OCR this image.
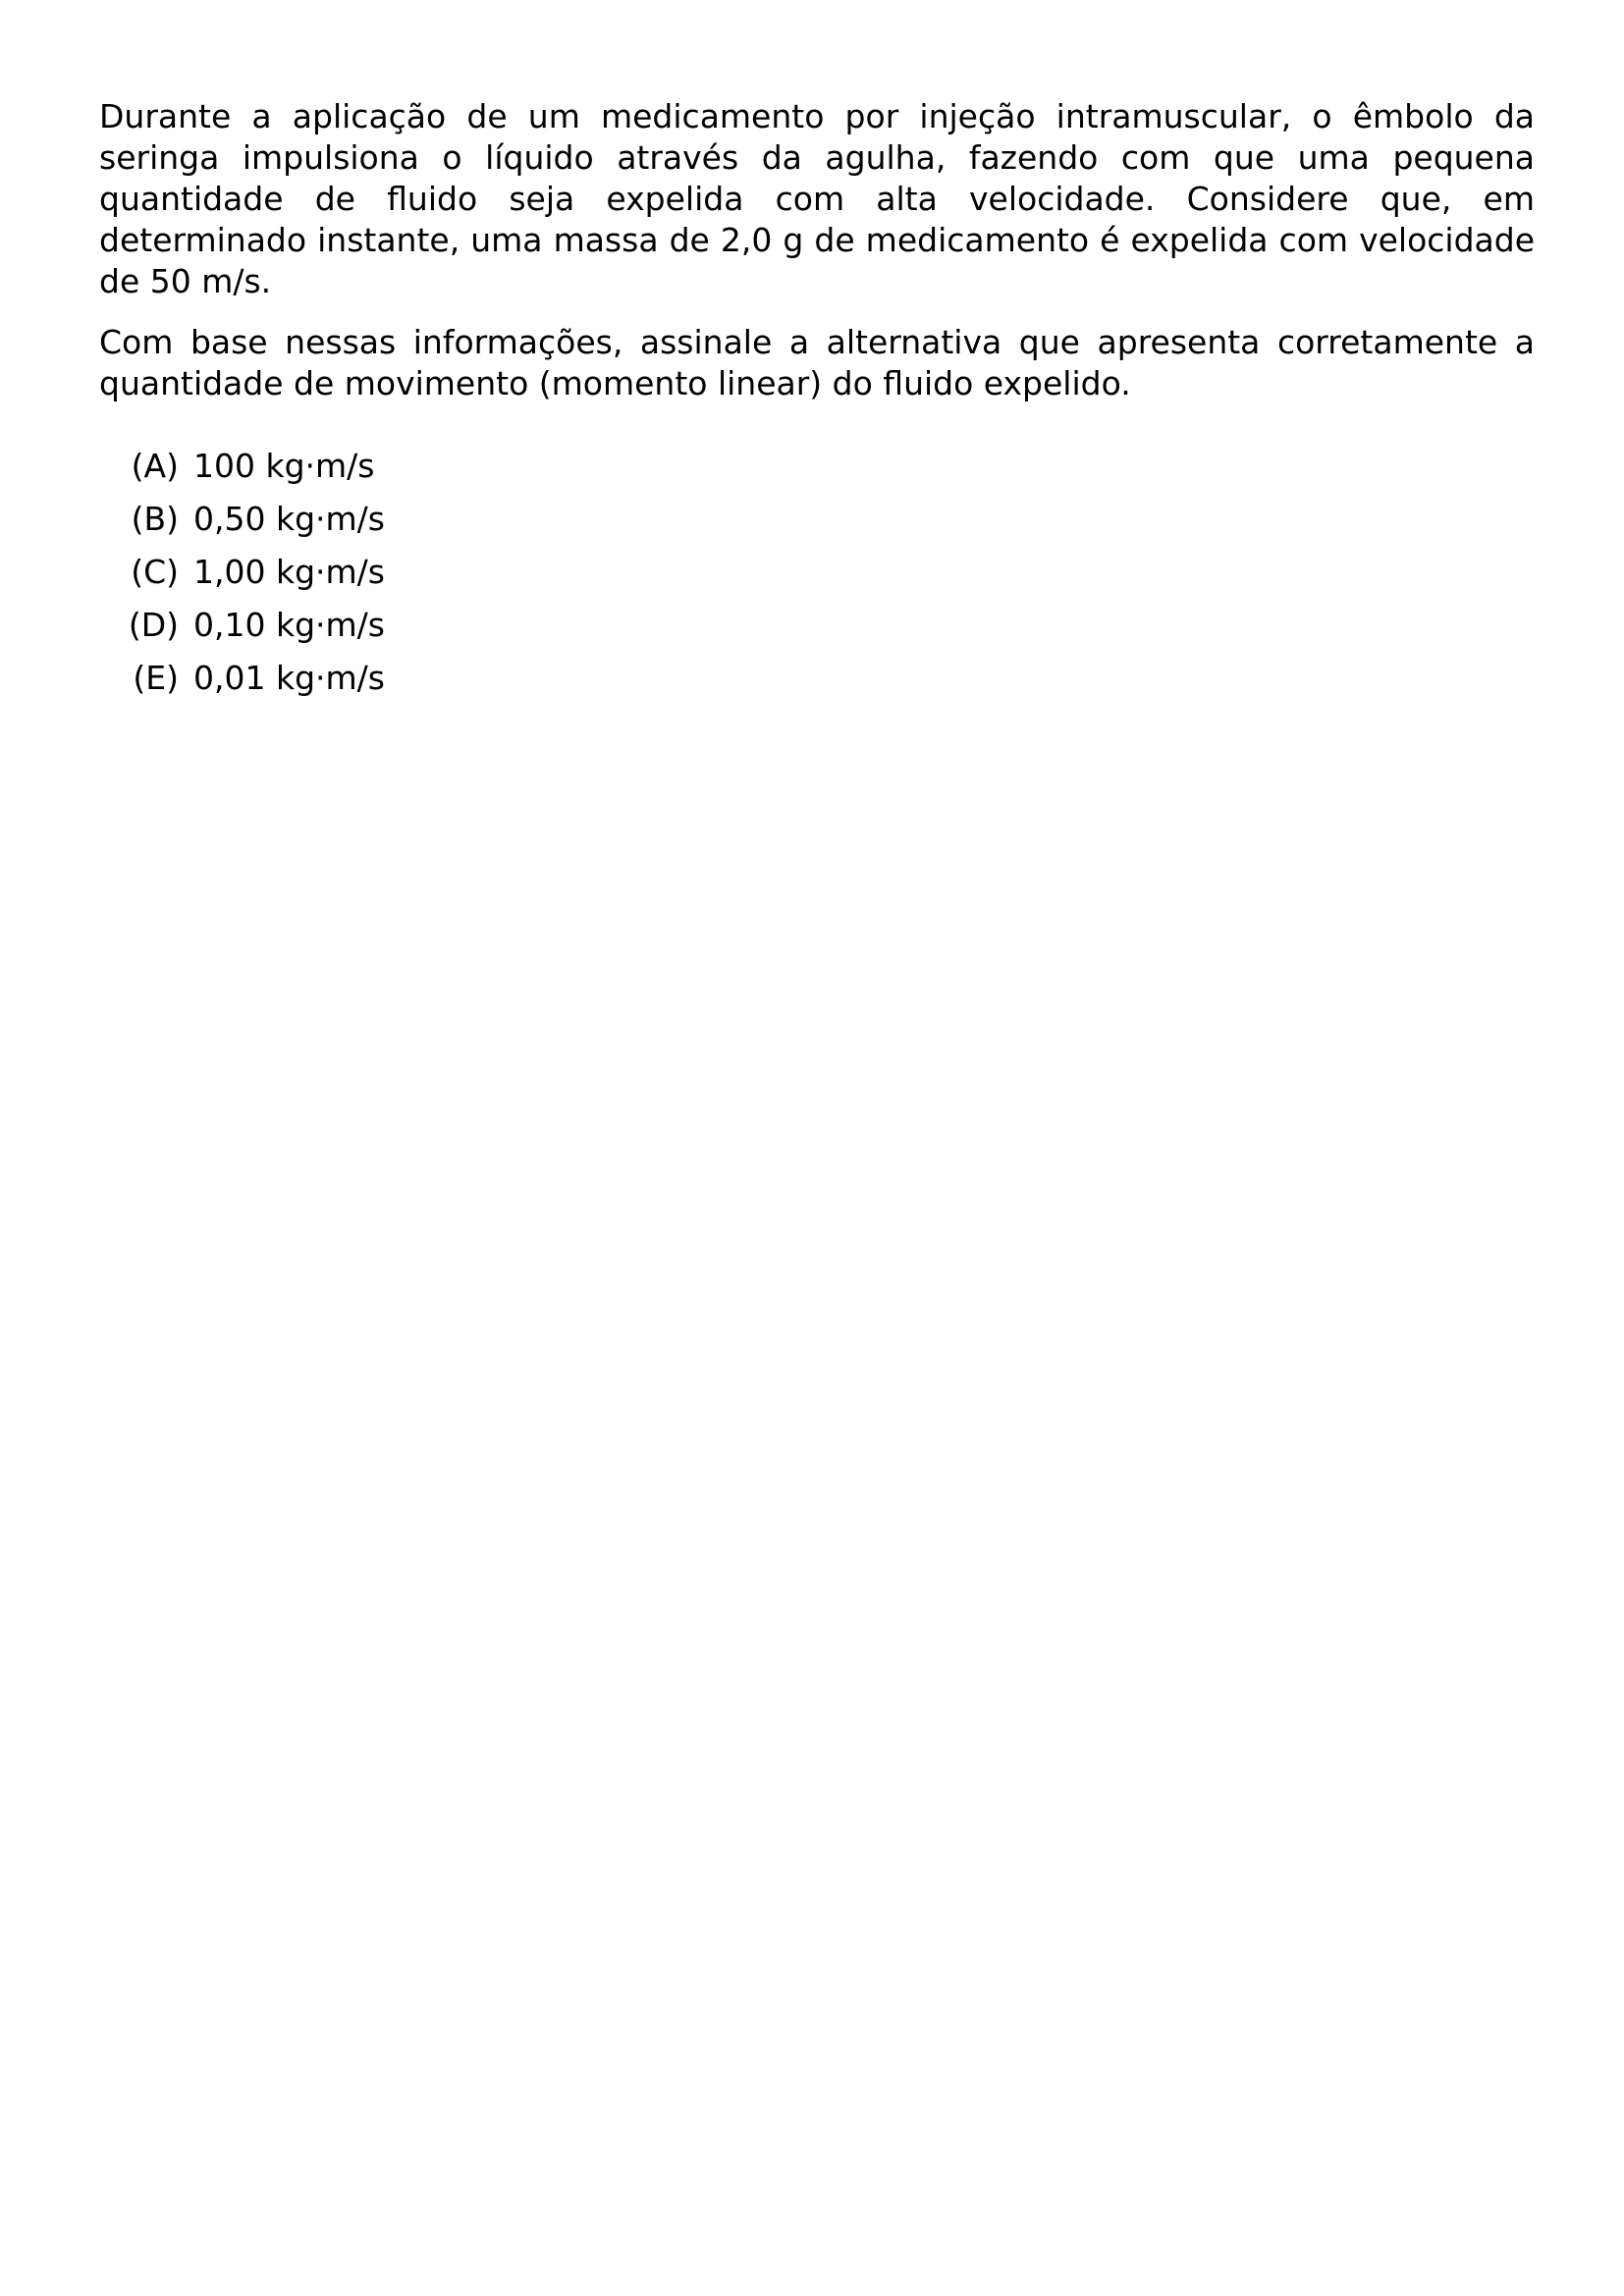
Durante a aplicação de um medicamento por injeção intramuscular, o êmbolo da seringa impulsiona o líquido através da agulha, fazendo com que uma pequena quantidade de fluido seja expelida com alta velocidade. Considere que, em determinado instante, uma massa de 2,0 g de medicamento é expelida com velocidade de 50 m/s.

Com base nessas informações, assinale a alternativa que apresenta corretamente a quantidade de movimento (momento linear) do fluido expelido.

(A) 100 kg·m/s
(B) 0,50 kg·m/s
(C) 1,00 kg·m/s
(D) 0,10 kg·m/s
(E) 0,01 kg·m/s
